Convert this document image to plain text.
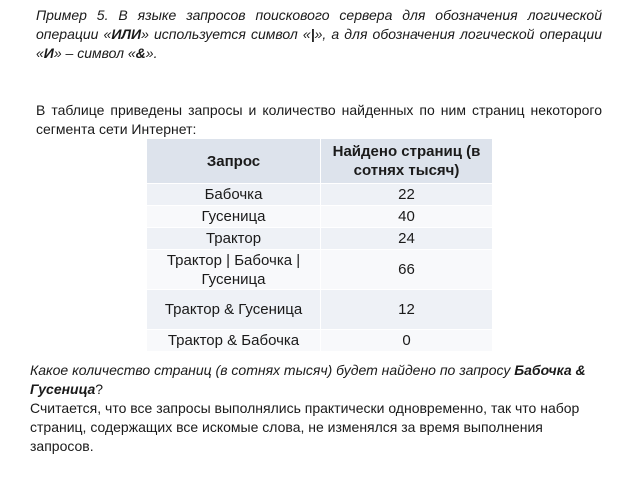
Пример 5. В языке запросов поискового сервера для обозначения логической операции «ИЛИ» используется символ «|», а для обозначения логической операции «И» – символ «&».

В таблице приведены запросы и количество найденных по ним страниц некоторого сегмента сети Интернет:

Запрос	Найдено страниц (в сотнях тысяч)
Бабочка	22
Гусеница	40
Трактор	24
Трактор | Бабочка | Гусеница	66
Трактор & Гусеница	12
Трактор & Бабочка	0
Какое количество страниц (в сотнях тысяч) будет найдено по запросу Бабочка & Гусеница?
Считается, что все запросы выполнялись практически одновременно, так что набор страниц, содержащих все искомые слова, не изменялся за время выполнения запросов.
